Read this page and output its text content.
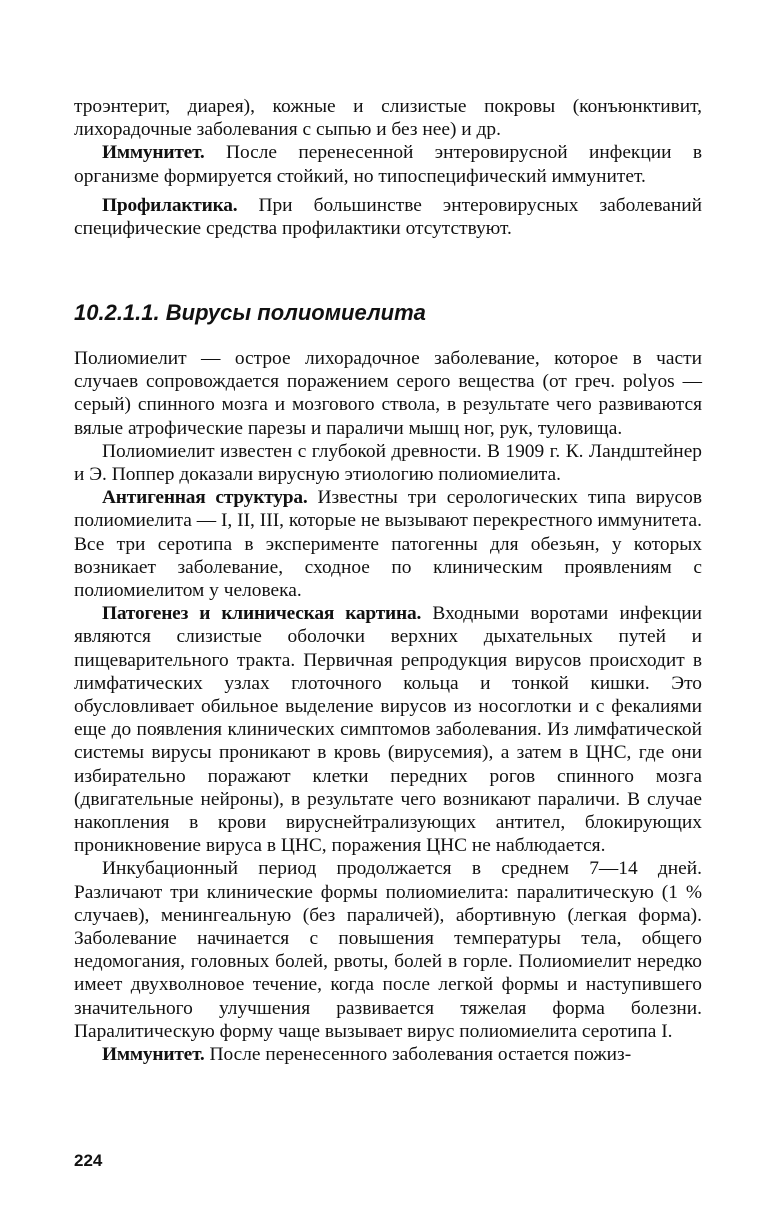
троэнтерит, диарея), кожные и слизистые покровы (конъюнктивит, лихорадочные заболевания с сыпью и без нее) и др.

Иммунитет. После перенесенной энтеровирусной инфекции в организме формируется стойкий, но типоспецифический иммунитет.

Профилактика. При большинстве энтеровирусных заболеваний специфические средства профилактики отсутствуют.

10.2.1.1. Вирусы полиомиелита

Полиомиелит — острое лихорадочное заболевание, которое в части случаев сопровождается поражением серого вещества (от греч. polyos — серый) спинного мозга и мозгового ствола, в результате чего развиваются вялые атрофические парезы и параличи мышц ног, рук, туловища.

Полиомиелит известен с глубокой древности. В 1909 г. К. Ландштейнер и Э. Поппер доказали вирусную этиологию полиомиелита.

Антигенная структура. Известны три серологических типа вирусов полиомиелита — I, II, III, которые не вызывают перекрестного иммунитета. Все три серотипа в эксперименте патогенны для обезьян, у которых возникает заболевание, сходное по клиническим проявлениям с полиомиелитом у человека.

Патогенез и клиническая картина. Входными воротами инфекции являются слизистые оболочки верхних дыхательных путей и пищеварительного тракта. Первичная репродукция вирусов происходит в лимфатических узлах глоточного кольца и тонкой кишки. Это обусловливает обильное выделение вирусов из носоглотки и с фекалиями еще до появления клинических симптомов заболевания. Из лимфатической системы вирусы проникают в кровь (вирусемия), а затем в ЦНС, где они избирательно поражают клетки передних рогов спинного мозга (двигательные нейроны), в результате чего возникают параличи. В случае накопления в крови вируснейтрализующих антител, блокирующих проникновение вируса в ЦНС, поражения ЦНС не наблюдается.

Инкубационный период продолжается в среднем 7—14 дней. Различают три клинические формы полиомиелита: паралитическую (1 % случаев), менингеальную (без параличей), абортивную (легкая форма). Заболевание начинается с повышения температуры тела, общего недомогания, головных болей, рвоты, болей в горле. Полиомиелит нередко имеет двухволновое течение, когда после легкой формы и наступившего значительного улучшения развивается тяжелая форма болезни. Паралитическую форму чаще вызывает вирус полиомиелита серотипа I.

Иммунитет. После перенесенного заболевания остается пожиз-

224
